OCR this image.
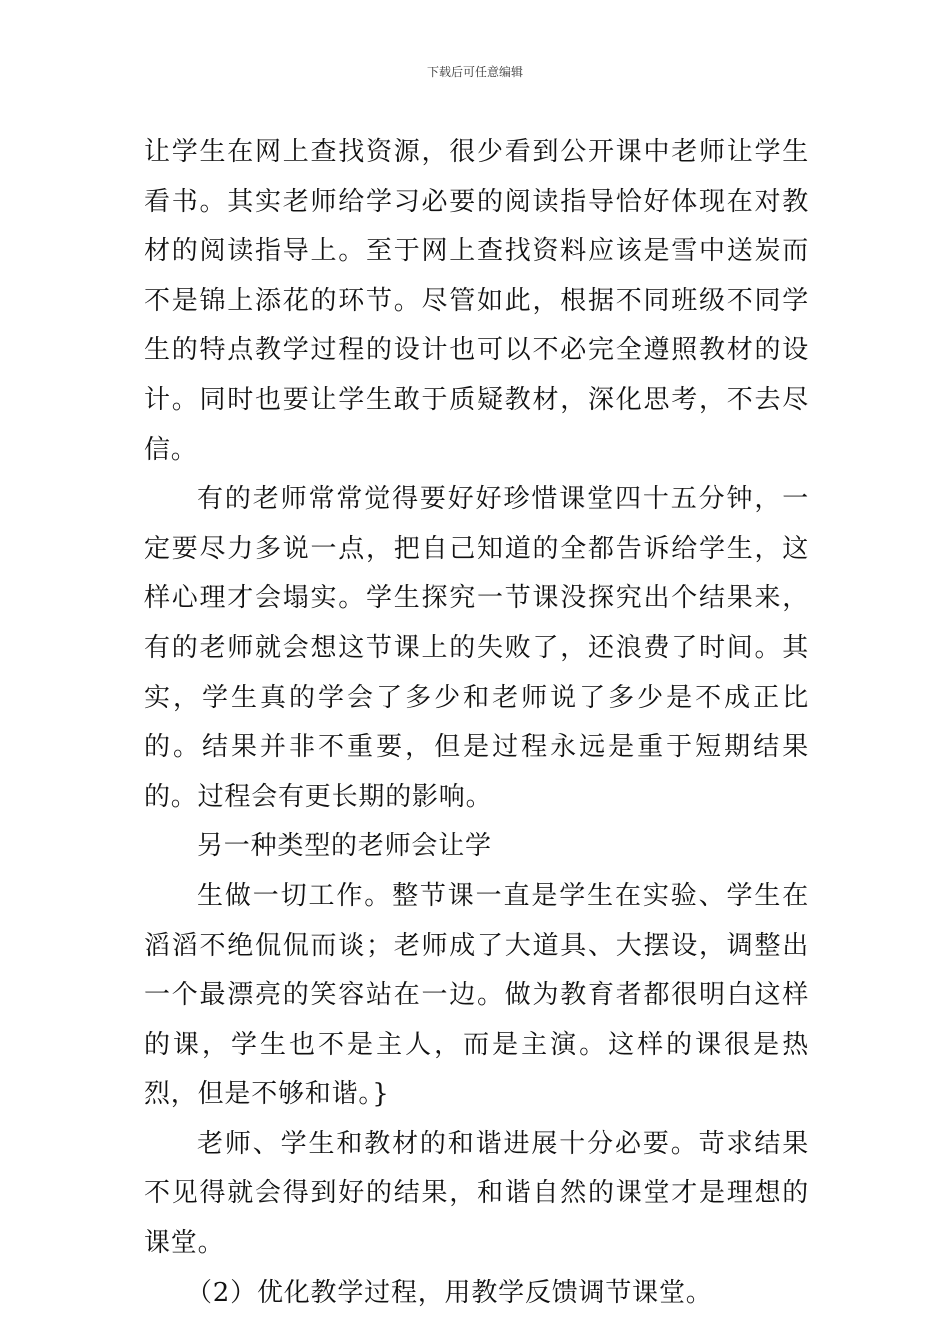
下载后可任意编辑

让学生在网上查找资源，很少看到公开课中老师让学生看书。其实老师给学习必要的阅读指导恰好体现在对教材的阅读指导上。至于网上查找资料应该是雪中送炭而不是锦上添花的环节。尽管如此，根据不同班级不同学生的特点教学过程的设计也可以不必完全遵照教材的设计。同时也要让学生敢于质疑教材，深化思考，不去尽信。

有的老师常常觉得要好好珍惜课堂四十五分钟，一定要尽力多说一点，把自己知道的全都告诉给学生，这样心理才会塌实。学生探究一节课没探究出个结果来，有的老师就会想这节课上的失败了，还浪费了时间。其实，学生真的学会了多少和老师说了多少是不成正比的。结果并非不重要，但是过程永远是重于短期结果的。过程会有更长期的影响。

另一种类型的老师会让学

生做一切工作。整节课一直是学生在实验、学生在滔滔不绝侃侃而谈；老师成了大道具、大摆设，调整出一个最漂亮的笑容站在一边。做为教育者都很明白这样的课，学生也不是主人，而是主演。这样的课很是热烈，但是不够和谐。}

老师、学生和教材的和谐进展十分必要。苛求结果不见得就会得到好的结果，和谐自然的课堂才是理想的课堂。

（2）优化教学过程，用教学反馈调节课堂。
